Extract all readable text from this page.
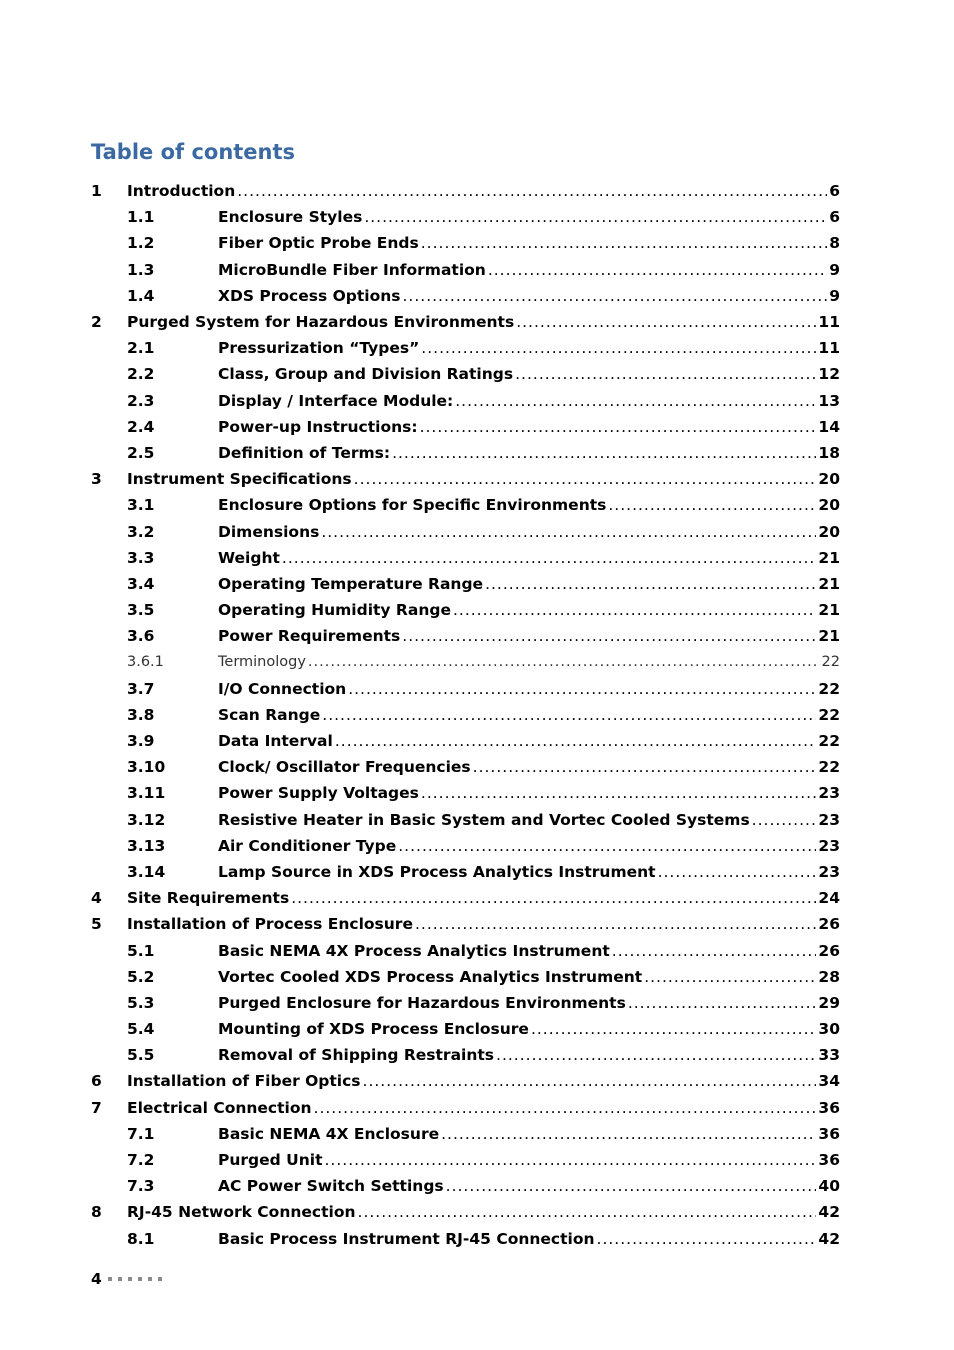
Table of contents
1 Introduction .....	6
1.1	Enclosure Styles .....	6
1.2	Fiber Optic Probe Ends .....	8
1.3	MicroBundle Fiber Information .....	9
1.4	XDS Process Options .....	9
2 Purged System for Hazardous Environments .....	11
2.1	Pressurization “Types” .....	11
2.2	Class, Group and Division Ratings .....	12
2.3	Display / Interface Module: .....	13
2.4	Power-up Instructions: .....	14
2.5	Definition of Terms: .....	18
3 Instrument Specifications .....	20
3.1	Enclosure Options for Specific Environments .....	20
3.2	Dimensions .....	20
3.3	Weight .....	21
3.4	Operating Temperature Range .....	21
3.5	Operating Humidity Range .....	21
3.6	Power Requirements .....	21
3.6.1	Terminology .....	22
3.7	I/O Connection .....	22
3.8	Scan Range .....	22
3.9	Data Interval .....	22
3.10	Clock/ Oscillator Frequencies .....	22
3.11	Power Supply Voltages .....	23
3.12	Resistive Heater in Basic System and Vortec Cooled Systems .....	23
3.13	Air Conditioner Type .....	23
3.14	Lamp Source in XDS Process Analytics Instrument .....	23
4 Site Requirements .....	24
5 Installation of Process Enclosure .....	26
5.1	Basic NEMA 4X Process Analytics Instrument .....	26
5.2	Vortec Cooled XDS Process Analytics Instrument .....	28
5.3	Purged Enclosure for Hazardous Environments .....	29
5.4	Mounting of XDS Process Enclosure .....	30
5.5	Removal of Shipping Restraints .....	33
6 Installation of Fiber Optics .....	34
7 Electrical Connection .....	36
7.1	Basic NEMA 4X Enclosure .....	36
7.2	Purged Unit .....	36
7.3	AC Power Switch Settings .....	40
8 RJ-45 Network Connection .....	42
8.1	Basic Process Instrument RJ-45 Connection .....	42
4
